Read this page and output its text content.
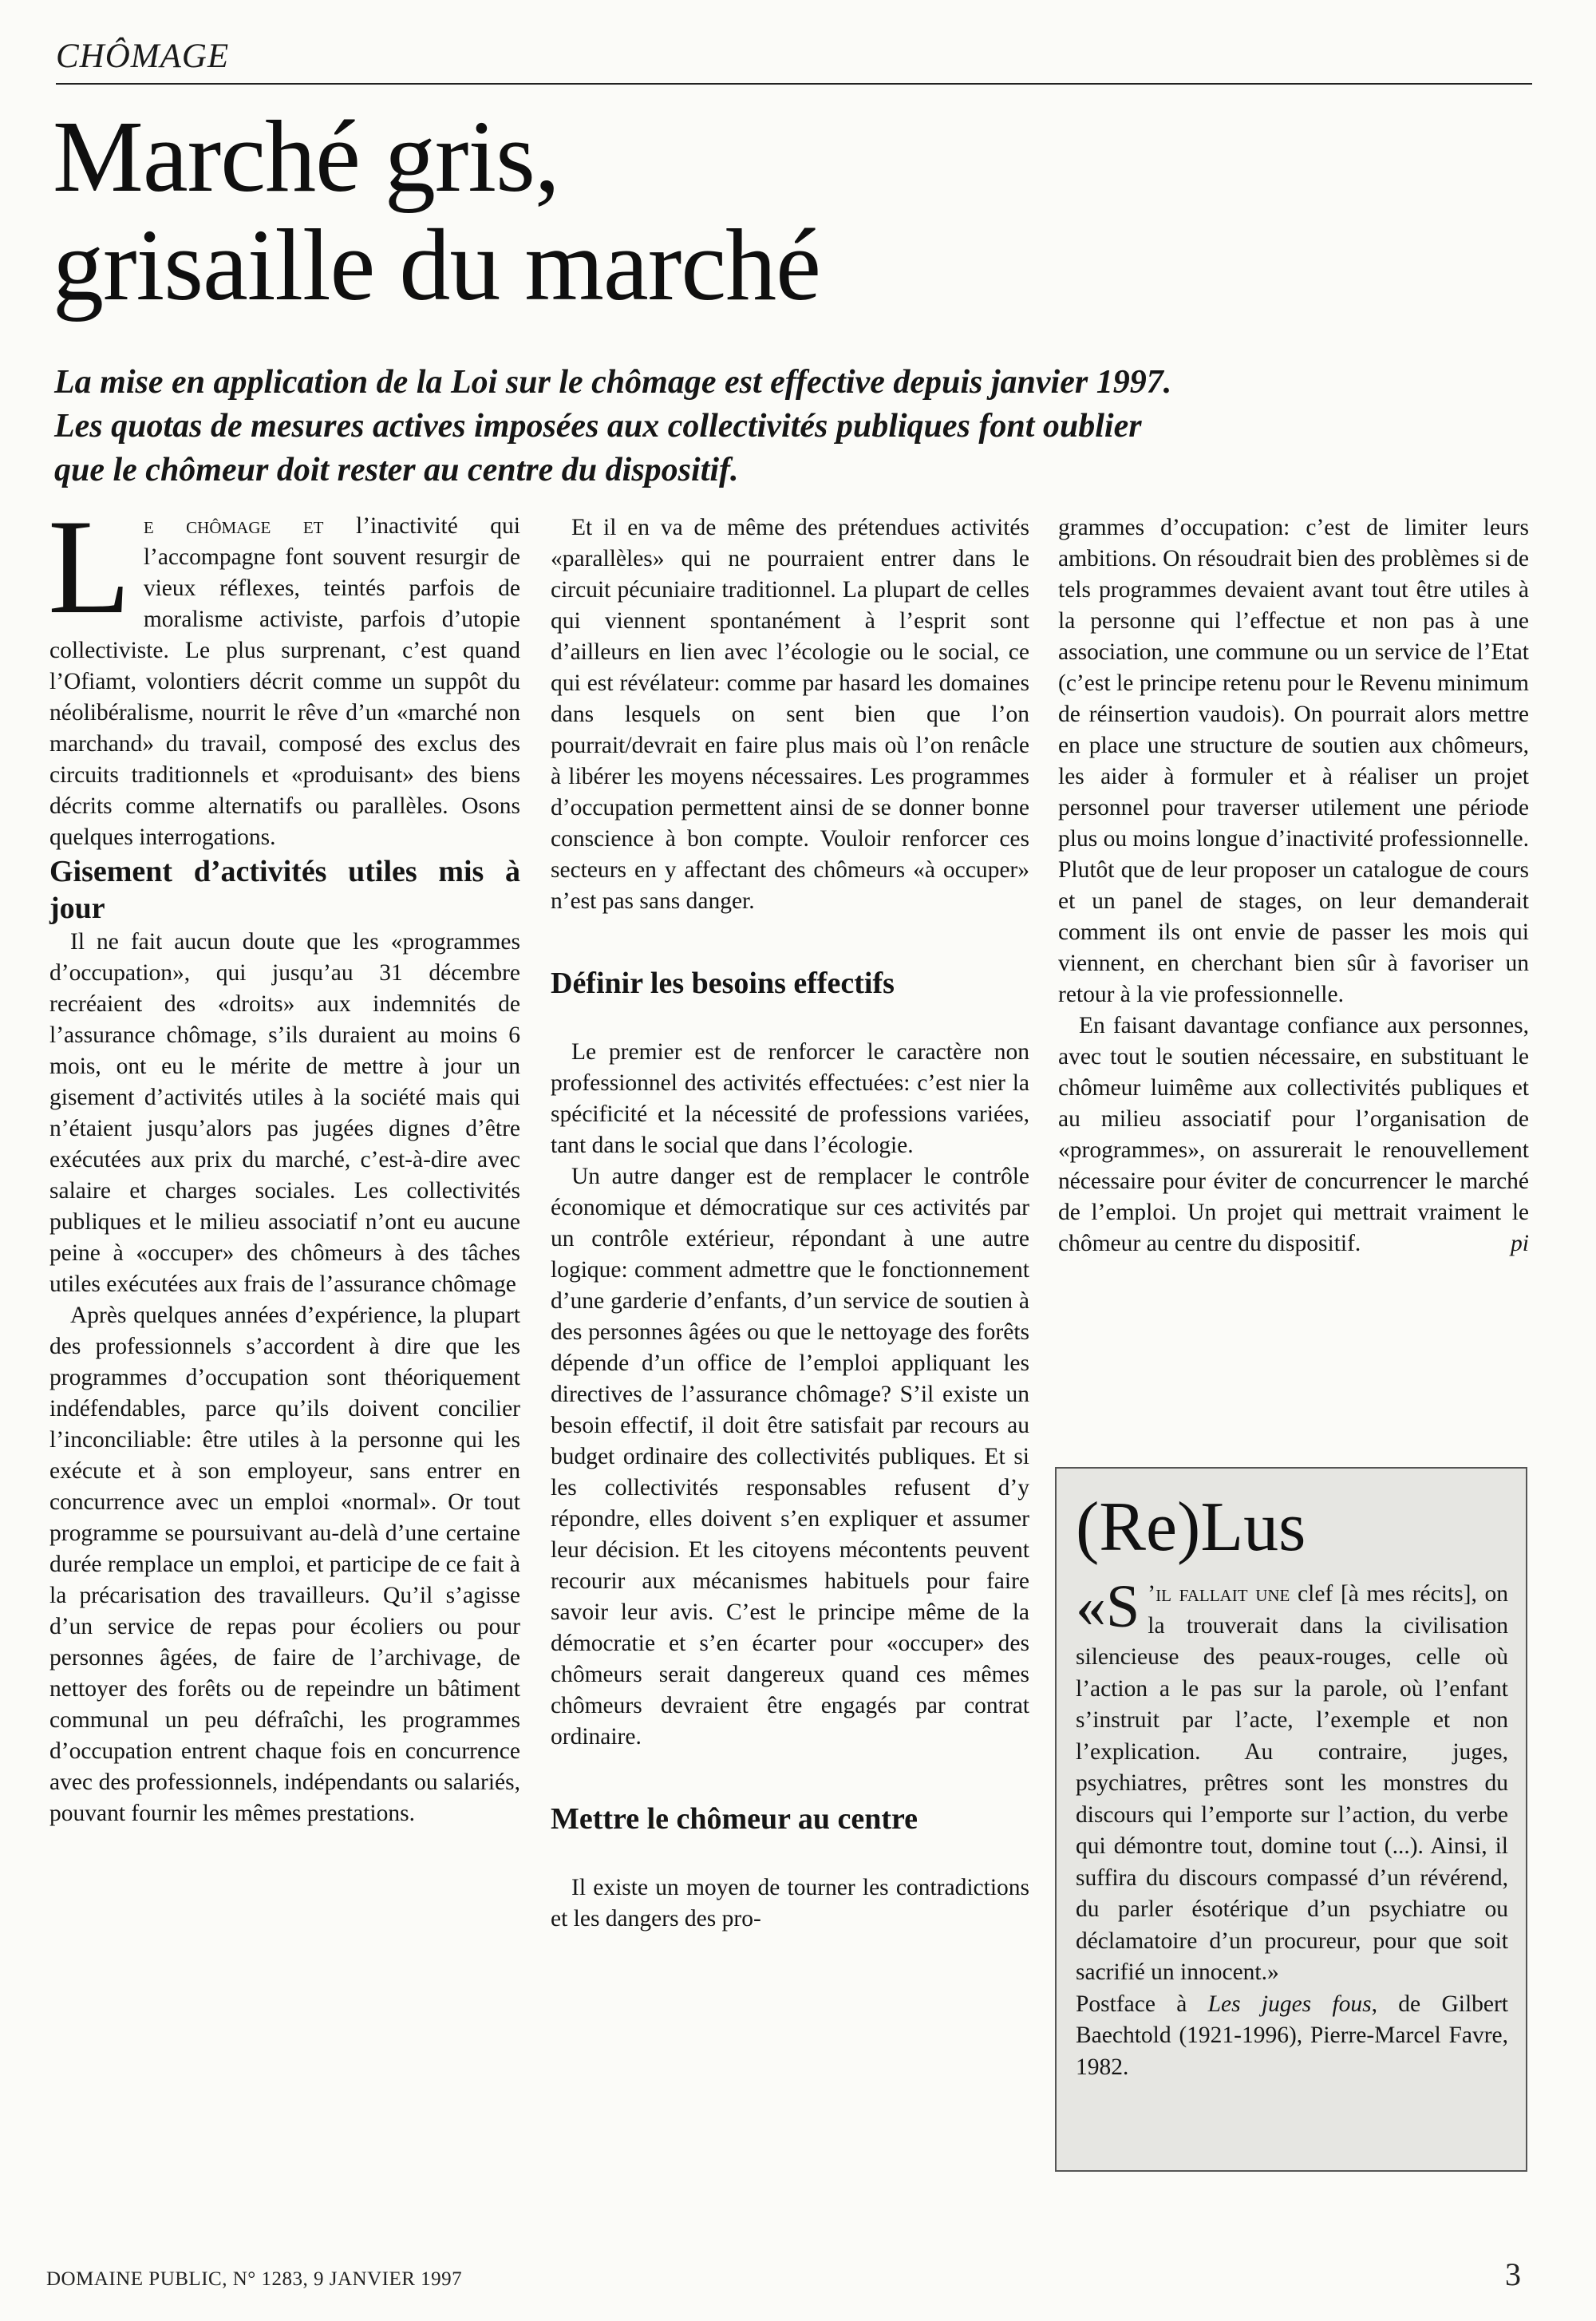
CHÔMAGE
Marché gris,
grisaille du marché
La mise en application de la Loi sur le chômage est effective depuis janvier 1997.
Les quotas de mesures actives imposées aux collectivités publiques font oublier
que le chômeur doit rester au centre du dispositif.

Le chômage et l’inactivité qui l’accompagne font souvent resurgir de vieux réflexes, teintés parfois de moralisme activiste, parfois d’utopie collectiviste. Le plus surprenant, c’est quand l’Ofiamt, volontiers décrit comme un suppôt du néolibéralisme, nourrit le rêve d’un «marché non marchand» du travail, composé des exclus des circuits traditionnels et «produisant» des biens décrits comme alternatifs ou parallèles. Osons quelques interrogations.

Gisement d’activités utiles mis à jour

Il ne fait aucun doute que les «programmes d’occupation», qui jusqu’au 31 décembre recréaient des «droits» aux indemnités de l’assurance chômage, s’ils duraient au moins 6 mois, ont eu le mérite de mettre à jour un gisement d’activités utiles à la société mais qui n’étaient jusqu’alors pas jugées dignes d’être exécutées aux prix du marché, c’est-à-dire avec salaire et charges sociales. Les collectivités publiques et le milieu associatif n’ont eu aucune peine à «occuper» des chômeurs à des tâches utiles exécutées aux frais de l’assurance chômage

Après quelques années d’expérience, la plupart des professionnels s’accordent à dire que les programmes d’occupation sont théoriquement indéfendables, parce qu’ils doivent concilier l’inconciliable: être utiles à la personne qui les exécute et à son employeur, sans entrer en concurrence avec un emploi «normal». Or tout programme se poursuivant au-delà d’une certaine durée remplace un emploi, et participe de ce fait à la précarisation des travailleurs. Qu’il s’agisse d’un service de repas pour écoliers ou pour personnes âgées, de faire de l’archivage, de nettoyer des forêts ou de repeindre un bâtiment communal un peu défraîchi, les programmes d’occupation entrent chaque fois en concurrence avec des professionnels, indépendants ou salariés, pouvant fournir les mêmes prestations.

Et il en va de même des prétendues activités «parallèles» qui ne pourraient entrer dans le circuit pécuniaire traditionnel. La plupart de celles qui viennent spontanément à l’esprit sont d’ailleurs en lien avec l’écologie ou le social, ce qui est révélateur: comme par hasard les domaines dans lesquels on sent bien que l’on pourrait/devrait en faire plus mais où l’on renâcle à libérer les moyens nécessaires. Les programmes d’occupation permettent ainsi de se donner bonne conscience à bon compte. Vouloir renforcer ces secteurs en y affectant des chômeurs «à occuper» n’est pas sans danger.

Définir les besoins effectifs

Le premier est de renforcer le caractère non professionnel des activités effectuées: c’est nier la spécificité et la nécessité de professions variées, tant dans le social que dans l’écologie.

Un autre danger est de remplacer le contrôle économique et démocratique sur ces activités par un contrôle extérieur, répondant à une autre logique: comment admettre que le fonctionnement d’une garderie d’enfants, d’un service de soutien à des personnes âgées ou que le nettoyage des forêts dépende d’un office de l’emploi appliquant les directives de l’assurance chômage? S’il existe un besoin effectif, il doit être satisfait par recours au budget ordinaire des collectivités publiques. Et si les collectivités responsables refusent d’y répondre, elles doivent s’en expliquer et assumer leur décision. Et les citoyens mécontents peuvent recourir aux mécanismes habituels pour faire savoir leur avis. C’est le principe même de la démocratie et s’en écarter pour «occuper» des chômeurs serait dangereux quand ces mêmes chômeurs devraient être engagés par contrat ordinaire.

Mettre le chômeur au centre

Il existe un moyen de tourner les contradictions et les dangers des pro-

grammes d’occupation: c’est de limiter leurs ambitions. On résoudrait bien des problèmes si de tels programmes devaient avant tout être utiles à la personne qui l’effectue et non pas à une association, une commune ou un service de l’Etat (c’est le principe retenu pour le Revenu minimum de réinsertion vaudois). On pourrait alors mettre en place une structure de soutien aux chômeurs, les aider à formuler et à réaliser un projet personnel pour traverser utilement une période plus ou moins longue d’inactivité professionnelle. Plutôt que de leur proposer un catalogue de cours et un panel de stages, on leur demanderait comment ils ont envie de passer les mois qui viennent, en cherchant bien sûr à favoriser un retour à la vie professionnelle.

En faisant davantage confiance aux personnes, avec tout le soutien nécessaire, en substituant le chômeur luimême aux collectivités publiques et au milieu associatif pour l’organisation de «programmes», on assurerait le renouvellement nécessaire pour éviter de concurrencer le marché de l’emploi. Un projet qui mettrait vraiment le chômeur au centre du dispositif.	pi

(Re)Lus

«S ’il fallait une clef [à mes récits], on la trouverait dans la civilisation silencieuse des peaux-rouges, celle où l’action a le pas sur la parole, où l’enfant s’instruit par l’acte, l’exemple et non l’explication. Au contraire, juges, psychiatres, prêtres sont les monstres du discours qui l’emporte sur l’action, du verbe qui démontre tout, domine tout (...). Ainsi, il suffira du discours compassé d’un révérend, du parler ésotérique d’un psychiatre ou déclamatoire d’un procureur, pour que soit sacrifié un innocent.»

Postface à Les juges fous, de Gilbert Baechtold (1921-1996), Pierre-Marcel Favre, 1982.

DOMAINE PUBLIC, N° 1283, 9 JANVIER 1997	3
